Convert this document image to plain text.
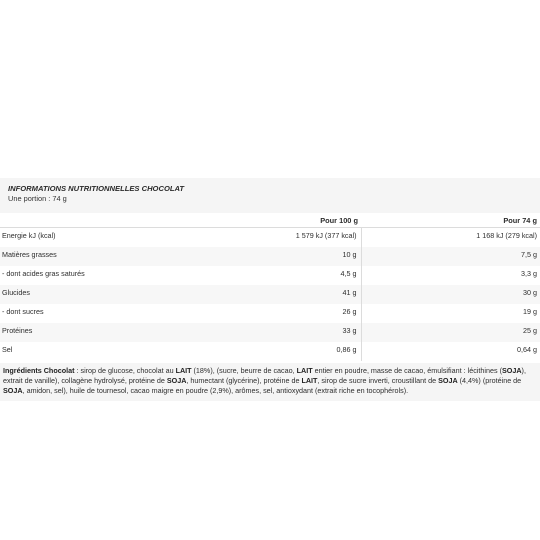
INFORMATIONS NUTRITIONNELLES CHOCOLAT
Une portion : 74 g
	Pour 100 g	Pour 74 g
Energie kJ (kcal)	1 579 kJ (377 kcal)	1 168 kJ (279 kcal)
Matières grasses	10 g	7,5 g
- dont acides gras saturés	4,5 g	3,3 g
Glucides	41 g	30 g
- dont sucres	26 g	19 g
Protéines	33 g	25 g
Sel	0,86 g	0,64 g
Ingrédients Chocolat : sirop de glucose, chocolat au LAIT (18%), (sucre, beurre de cacao, LAIT entier en poudre, masse de cacao, émulsifiant : lécithines (SOJA), extrait de vanille), collagène hydrolysé, protéine de SOJA, humectant (glycérine), protéine de LAIT, sirop de sucre inverti, croustillant de SOJA (4,4%) (protéine de SOJA, amidon, sel), huile de tournesol, cacao maigre en poudre (2,9%), arômes, sel, antioxydant (extrait riche en tocophérols).
